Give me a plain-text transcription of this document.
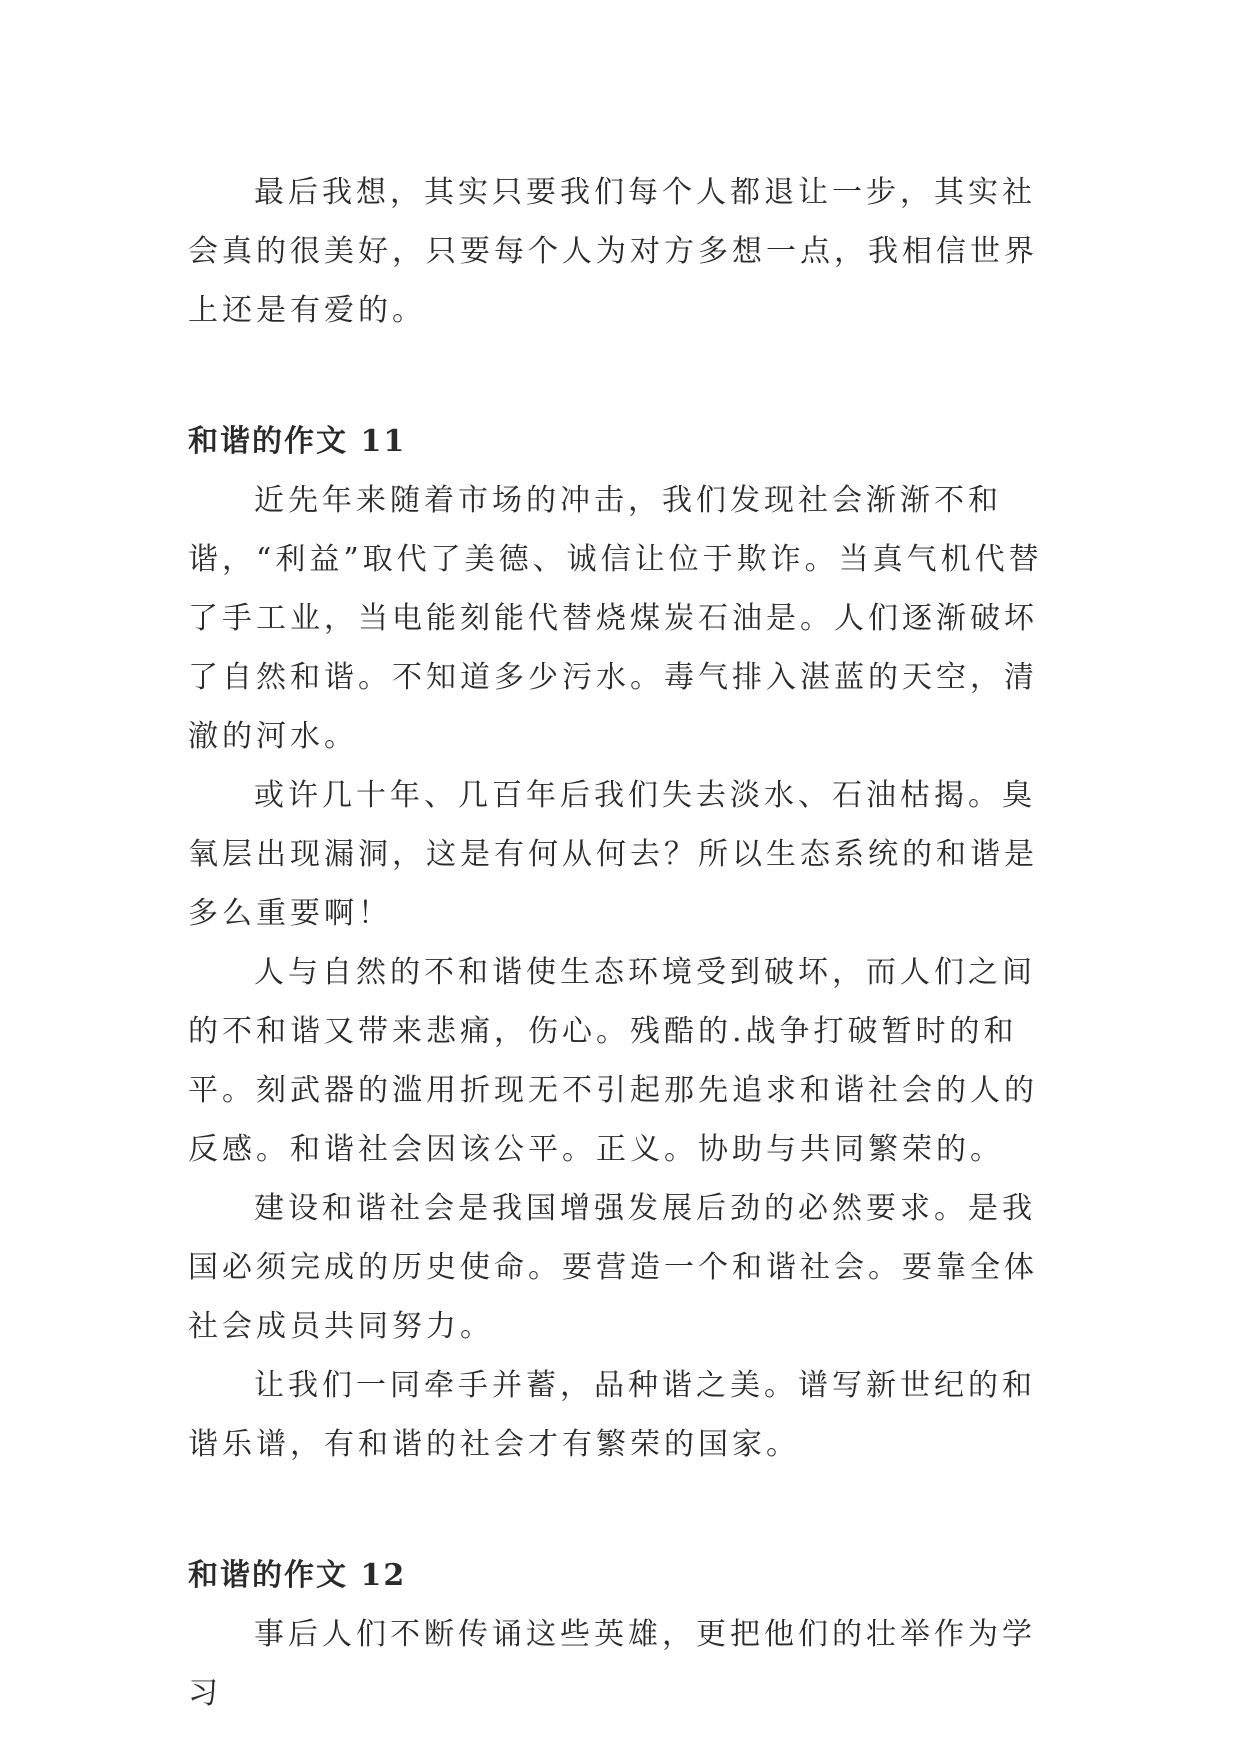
最后我想，其实只要我们每个人都退让一步，其实社会真的很美好，只要每个人为对方多想一点，我相信世界上还是有爱的。

和谐的作文 11

近先年来随着市场的冲击，我们发现社会渐渐不和谐，“利益”取代了美德、诚信让位于欺诈。当真气机代替了手工业，当电能刻能代替烧煤炭石油是。人们逐渐破坏了自然和谐。不知道多少污水。毒气排入湛蓝的天空，清澈的河水。

或许几十年、几百年后我们失去淡水、石油枯揭。臭氧层出现漏洞，这是有何从何去？所以生态系统的和谐是多么重要啊！

人与自然的不和谐使生态环境受到破坏，而人们之间的不和谐又带来悲痛，伤心。残酷的.战争打破暂时的和平。刻武器的滥用折现无不引起那先追求和谐社会的人的反感。和谐社会因该公平。正义。协助与共同繁荣的。

建设和谐社会是我国增强发展后劲的必然要求。是我国必须完成的历史使命。要营造一个和谐社会。要靠全体社会成员共同努力。

让我们一同牵手并蓄，品种谐之美。谱写新世纪的和谐乐谱，有和谐的社会才有繁荣的国家。

和谐的作文 12

事后人们不断传诵这些英雄，更把他们的壮举作为学习
